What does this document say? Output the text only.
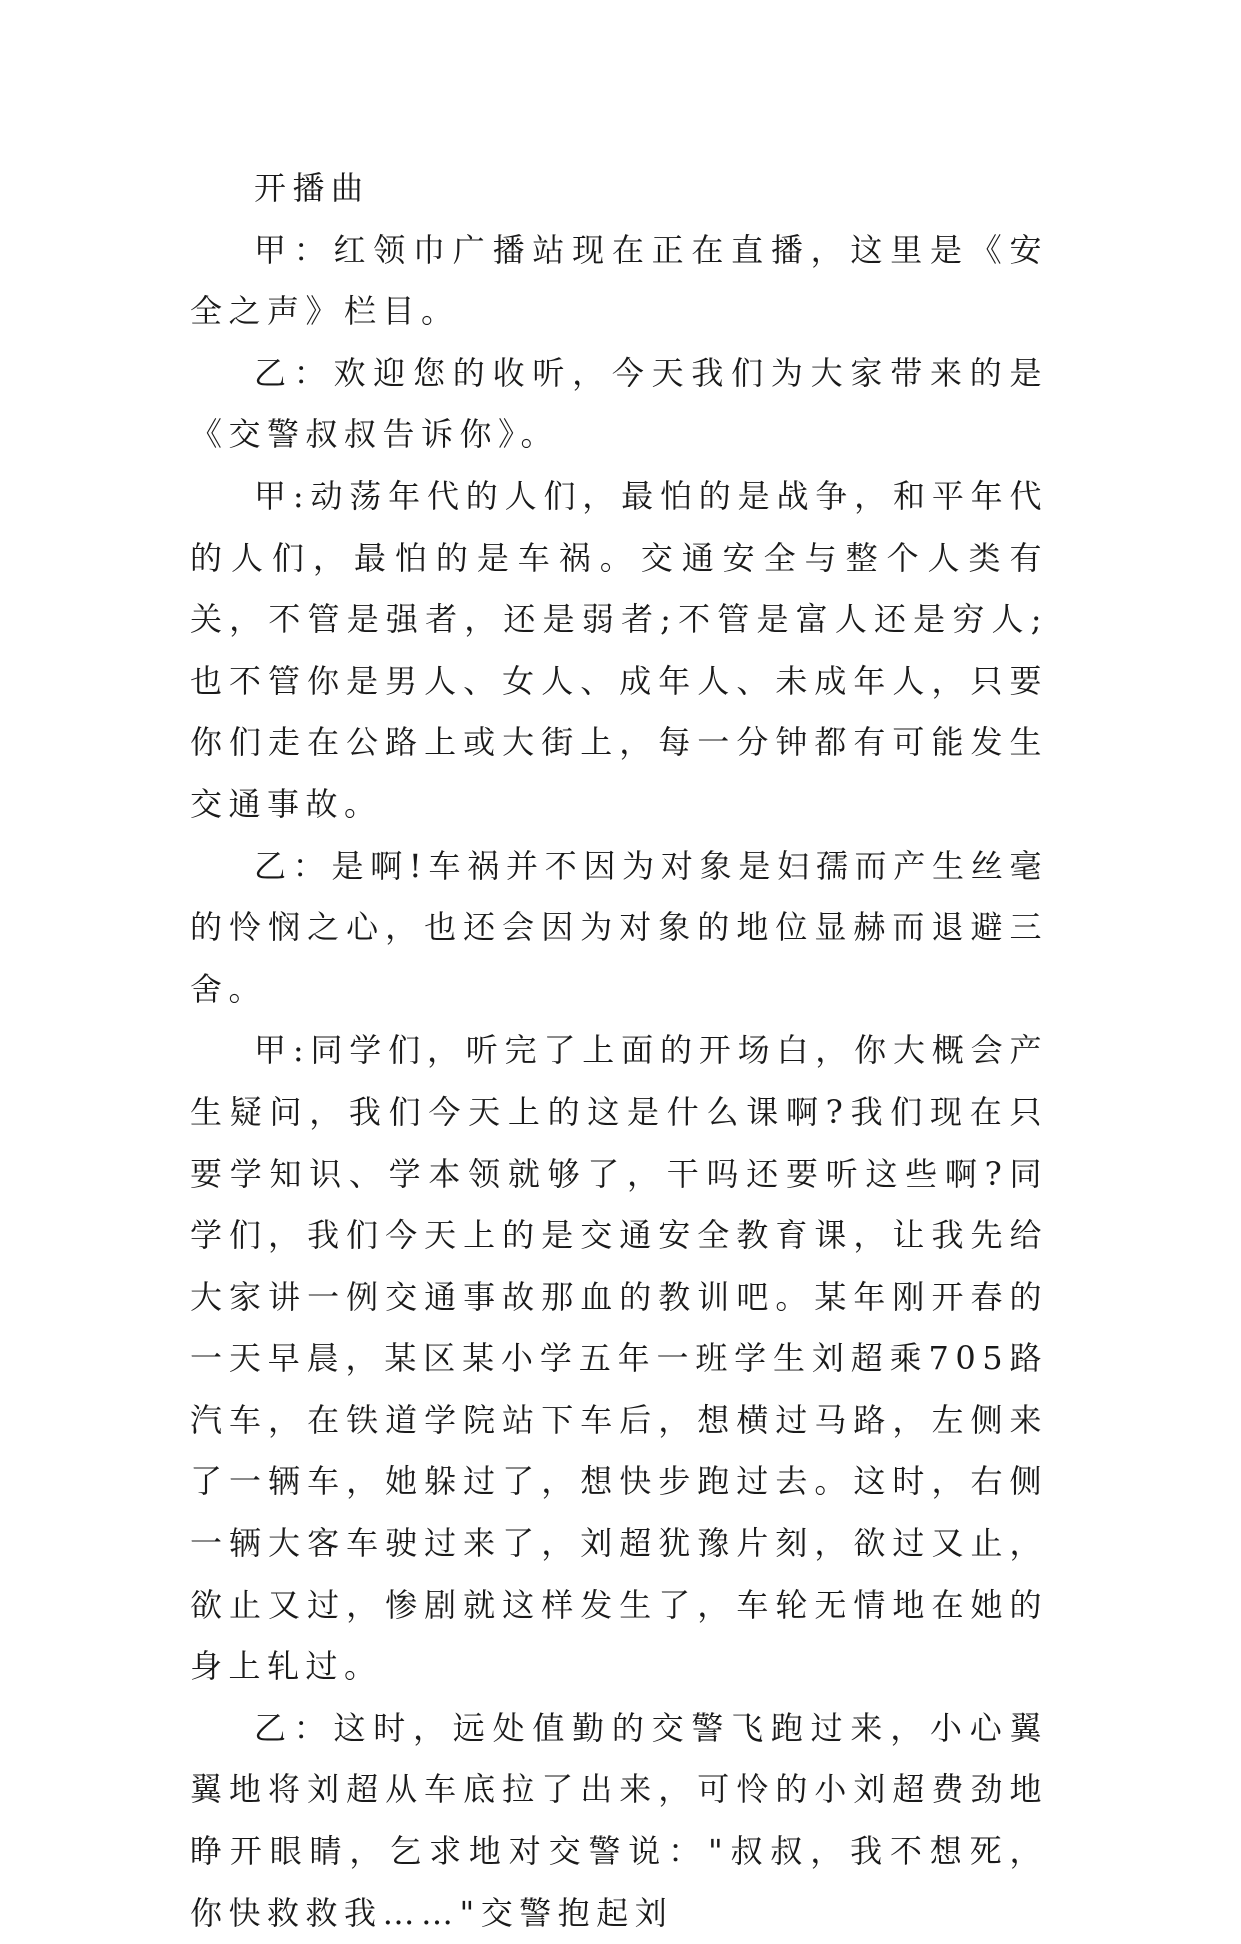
开播曲

甲：红领巾广播站现在正在直播，这里是《安全之声》栏目。

乙：欢迎您的收听，今天我们为大家带来的是《交警叔叔告诉你》。

甲:动荡年代的人们，最怕的是战争，和平年代的人们，最怕的是车祸。交通安全与整个人类有关，不管是强者，还是弱者;不管是富人还是穷人;也不管你是男人、女人、成年人、未成年人，只要你们走在公路上或大街上，每一分钟都有可能发生交通事故。

乙：是啊!车祸并不因为对象是妇孺而产生丝毫的怜悯之心，也还会因为对象的地位显赫而退避三舍。

甲:同学们，听完了上面的开场白，你大概会产生疑问，我们今天上的这是什么课啊?我们现在只要学知识、学本领就够了，干吗还要听这些啊?同学们，我们今天上的是交通安全教育课，让我先给大家讲一例交通事故那血的教训吧。某年刚开春的一天早晨，某区某小学五年一班学生刘超乘705路汽车，在铁道学院站下车后，想横过马路，左侧来了一辆车，她躲过了，想快步跑过去。这时，右侧一辆大客车驶过来了，刘超犹豫片刻，欲过又止，欲止又过，惨剧就这样发生了，车轮无情地在她的身上轧过。

乙：这时，远处值勤的交警飞跑过来，小心翼翼地将刘超从车底拉了出来，可怜的小刘超费劲地睁开眼睛，乞求地对交警说："叔叔，我不想死，你快救救我……"交警抱起刘
